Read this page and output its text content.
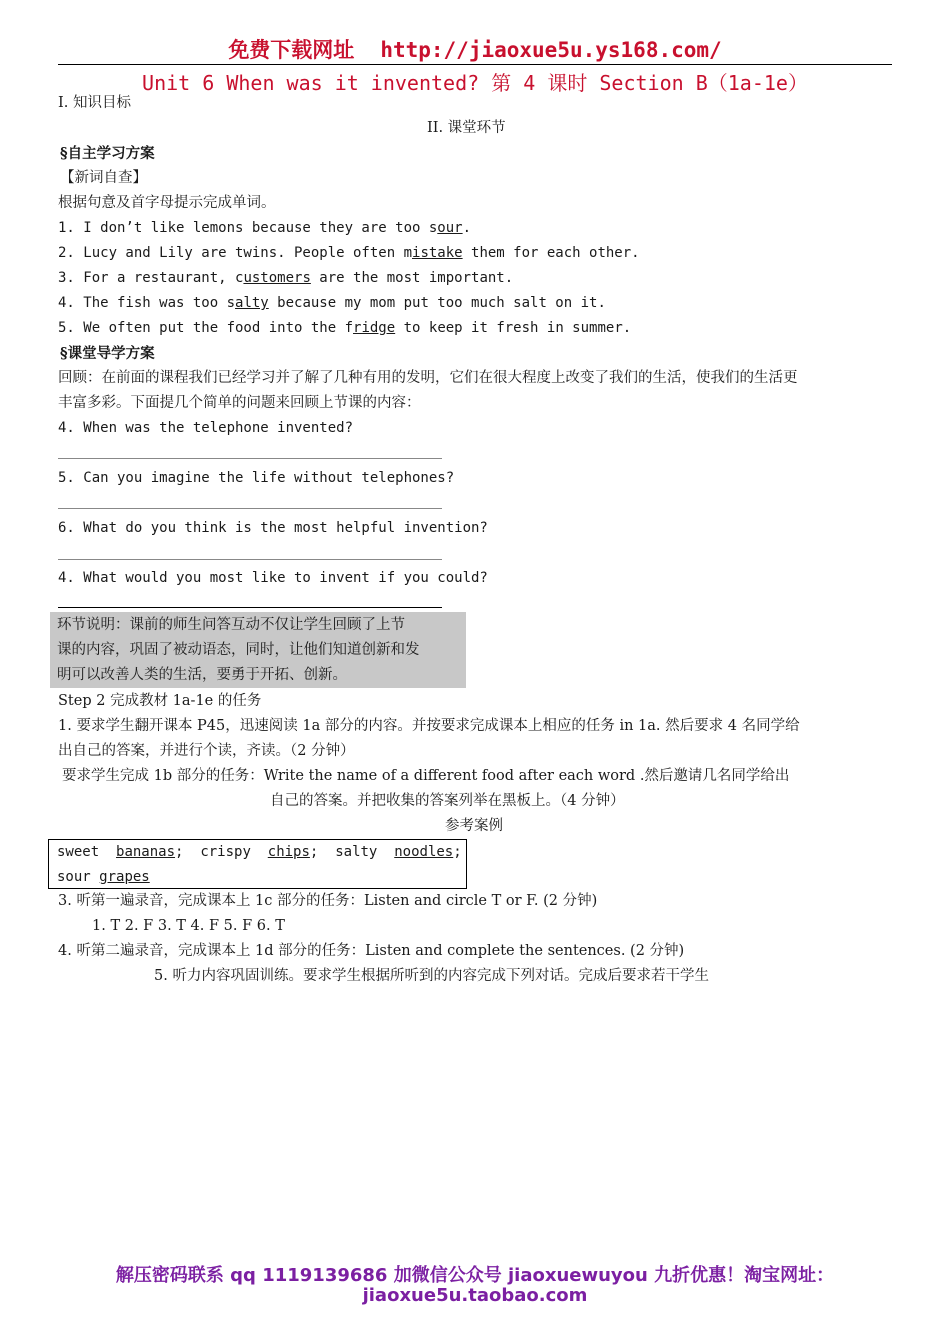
免费下载网址 http://jiaoxue5u.ys168.com/
Unit 6 When was it invented? 第 4 课时 Section B（1a-1e）
I. 知识目标
II. 课堂环节
§自主学习方案
【新词自查】
根据句意及首字母提示完成单词。
1. I don’t like lemons because they are too sour.
2. Lucy and Lily are twins. People often mistake them for each other.
3. For a restaurant, customers are the most important.
4. The fish was too salty because my mom put too much salt on it.
5. We often put the food into the fridge to keep it fresh in summer.
§课堂导学方案
回顾：在前面的课程我们已经学习并了解了几种有用的发明，它们在很大程度上改变了我们的生活，使我们的生活更
丰富多彩。下面提几个简单的问题来回顾上节课的内容：
4. When was the telephone invented?
5. Can you imagine the life without telephones?
6. What do you think is the most helpful invention?
4. What would you most like to invent if you could?
环节说明：课前的师生问答互动不仅让学生回顾了上节
课的内容，巩固了被动语态，同时，让他们知道创新和发
明可以改善人类的生活，要勇于开拓、创新。
Step 2 完成教材 1a-1e 的任务
1. 要求学生翻开课本 P45，迅速阅读 1a 部分的内容。并按要求完成课本上相应的任务 in 1a. 然后要求 4 名同学给
出自己的答案，并进行个读，齐读。（2 分钟）
要求学生完成 1b 部分的任务：Write the name of a different food after each word .然后邀请几名同学给出
自己的答案。并把收集的答案列举在黑板上。（4 分钟）
参考案例
sweet bananas;  crispy chips;  salty noodles;
sour grapes
3. 听第一遍录音，完成课本上 1c 部分的任务：Listen and circle T or F. (2 分钟)
1. T 2. F 3. T 4. F 5. F 6. T
4. 听第二遍录音，完成课本上 1d 部分的任务：Listen and complete the sentences. (2 分钟)
5. 听力内容巩固训练。要求学生根据所听到的内容完成下列对话。完成后要求若干学生
解压密码联系 qq 1119139686 加微信公众号 jiaoxuewuyou 九折优惠！淘宝网址：
jiaoxue5u.taobao.com
